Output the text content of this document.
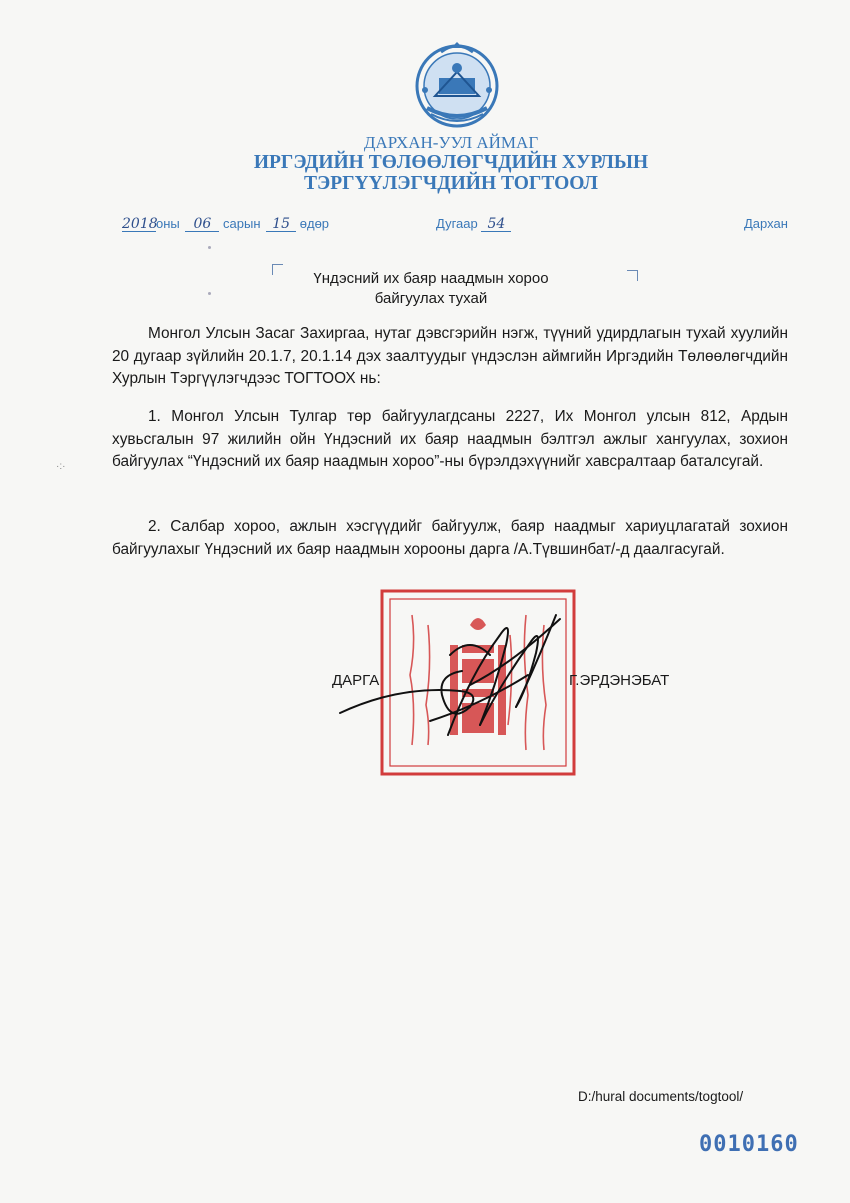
ДАРХАН-УУЛ АЙМАГ
ИРГЭДИЙН ТӨЛӨӨЛӨГЧДИЙН ХУРЛЫН
ТЭРГҮҮЛЭГЧДИЙН ТОГТООЛ
2018оны 06 сарын 15 өдөр	Дугаар 54	Дархан
Үндэсний их баяр наадмын хороо
байгуулах тухай

Монгол Улсын Засаг Захиргаа, нутаг дэвсгэрийн нэгж, түүний удирдлагын тухай хуулийн 20 дугаар зүйлийн 20.1.7, 20.1.14 дэх заалтуудыг үндэслэн аймгийн Иргэдийн Төлөөлөгчдийн Хурлын Тэргүүлэгчдээс ТОГТООХ нь:

1. Монгол Улсын Тулгар төр байгуулагдсаны 2227, Их Монгол улсын 812, Ардын хувьсгалын 97 жилийн ойн Үндэсний их баяр наадмын бэлтгэл ажлыг хангуулах, зохион байгуулах “Үндэсний их баяр наадмын хороо”-ны бүрэлдэхүүнийг хавсралтаар баталсугай.

2. Салбар хороо, ажлын хэсгүүдийг байгуулж, баяр наадмыг хариуцлагатай зохион байгуулахыг Үндэсний их баяр наадмын хорооны дарга /А.Түвшинбат/-д даалгасугай.

·:·
ДАРГА	Г.ЭРДЭНЭБАТ
D:/hural documents/togtool/
0010160
